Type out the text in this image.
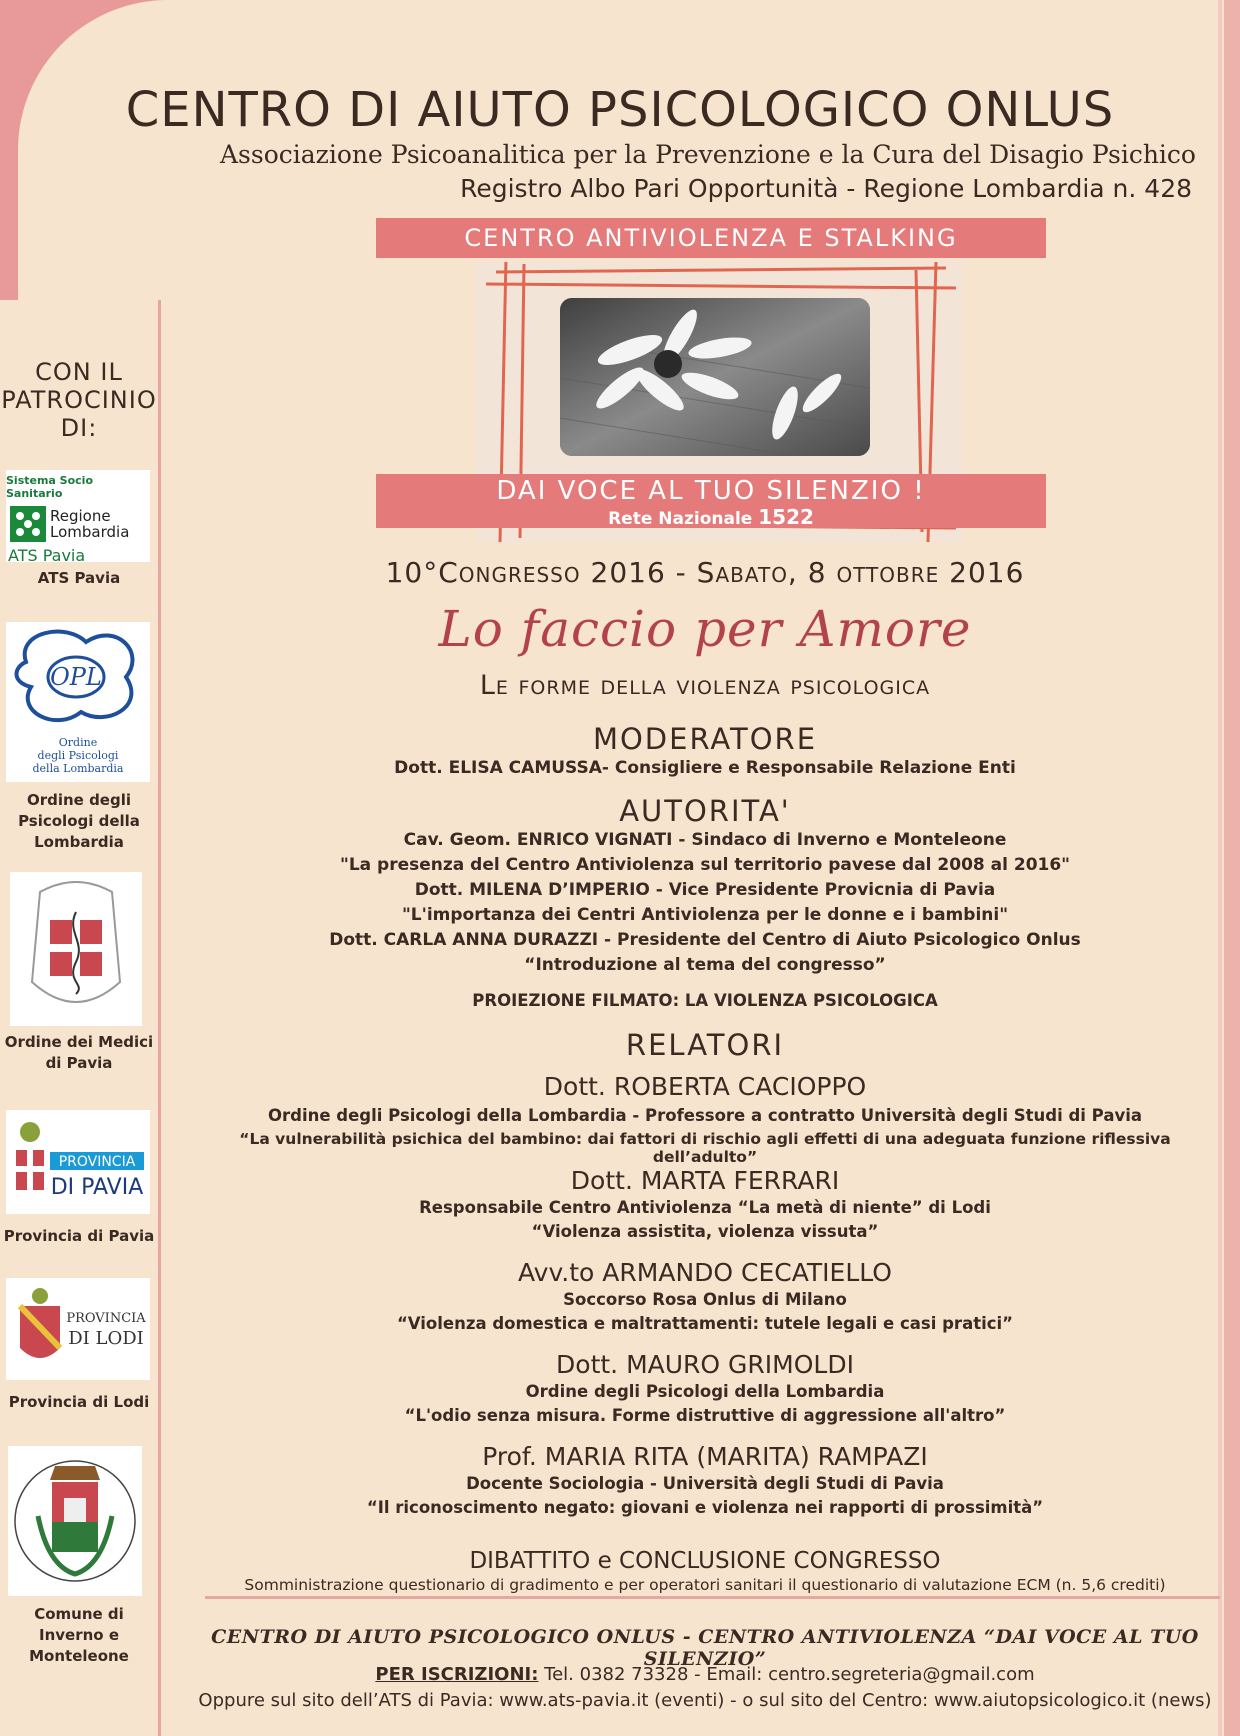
CENTRO DI AIUTO PSICOLOGICO ONLUS
Associazione Psicoanalitica per la Prevenzione e la Cura del Disagio Psichico
Registro Albo Pari Opportunità - Regione Lombardia n. 428
CENTRO ANTIVIOLENZA E STALKING
DAI VOCE AL TUO SILENZIO !
Rete Nazionale 1522
10°Congresso 2016 - Sabato, 8 ottobre 2016
Lo faccio per Amore
Le forme della violenza psicologica
MODERATORE
Dott. ELISA CAMUSSA- Consigliere e Responsabile Relazione Enti
AUTORITA'
Cav. Geom. ENRICO VIGNATI - Sindaco di Inverno e Monteleone
"La presenza del Centro Antiviolenza sul territorio pavese dal 2008 al 2016"
Dott. MILENA D’IMPERIO - Vice Presidente Provicnia di Pavia
"L'importanza dei Centri Antiviolenza per le donne e i bambini"
Dott. CARLA ANNA DURAZZI - Presidente del Centro di Aiuto Psicologico Onlus
“Introduzione al tema del congresso”
PROIEZIONE FILMATO: LA VIOLENZA PSICOLOGICA
RELATORI
Dott. ROBERTA CACIOPPO
Ordine degli Psicologi della Lombardia - Professore a contratto Università degli Studi di Pavia
“La vulnerabilità psichica del bambino: dai fattori di rischio agli effetti di una adeguata funzione riflessiva dell’adulto”
Dott. MARTA FERRARI
Responsabile Centro Antiviolenza “La metà di niente” di Lodi
“Violenza assistita, violenza vissuta”
Avv.to ARMANDO CECATIELLO
Soccorso Rosa Onlus di Milano
“Violenza domestica e maltrattamenti: tutele legali e casi pratici”
Dott. MAURO GRIMOLDI
Ordine degli Psicologi della Lombardia
“L'odio senza misura. Forme distruttive di aggressione all'altro”
Prof. MARIA RITA (MARITA) RAMPAZI
Docente Sociologia - Università degli Studi di Pavia
“Il riconoscimento negato: giovani e violenza nei rapporti di prossimità”
DIBATTITO e CONCLUSIONE CONGRESSO
Somministrazione questionario di gradimento e per operatori sanitari il questionario di valutazione ECM (n. 5,6 crediti)
CENTRO DI AIUTO PSICOLOGICO ONLUS - CENTRO ANTIVIOLENZA “DAI VOCE AL TUO SILENZIO”
PER ISCRIZIONI: Tel. 0382 73328 - Email: centro.segreteria@gmail.com
Oppure sul sito dell’ATS di Pavia: www.ats-pavia.it (eventi) - o sul sito del Centro: www.aiutopsicologico.it (news)
CON IL
PATROCINIO
DI:
Sistema Socio Sanitario
Regione
Lombardia
ATS Pavia
ATS Pavia
OPL
Ordine
degli Psicologi
della Lombardia
Ordine degli Psicologi della Lombardia
Ordine dei Medici di Pavia
PROVINCIA
DI PAVIA
Provincia di Pavia
PROVINCIA
DI LODI
Provincia di Lodi
Comune di Inverno e Monteleone
